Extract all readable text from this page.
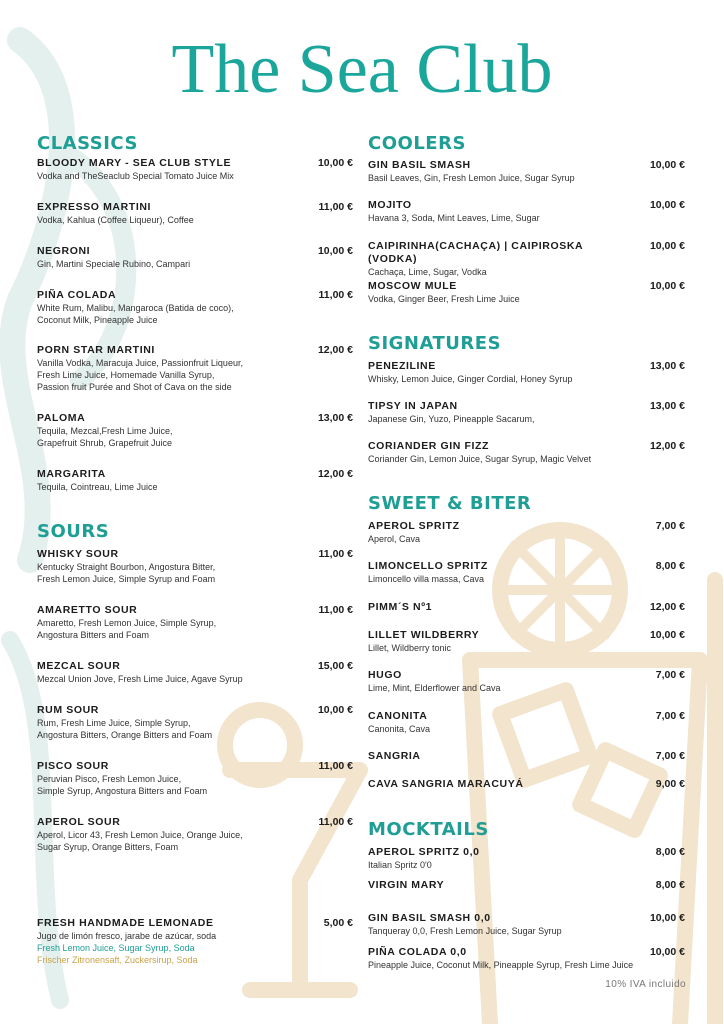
The Sea Club
CLASSICS
BLOODY MARY - SEA CLUB STYLE
Vodka and TheSeaclub Special Tomato Juice Mix
10,00 €
EXPRESSO MARTINI
Vodka, Kahlua (Coffee Liqueur), Coffee
11,00 €
NEGRONI
Gin, Martini Speciale Rubino, Campari
10,00 €
PIÑA COLADA
White Rum, Malibu, Mangaroca (Batida de coco),
Coconut Milk, Pineapple Juice
11,00 €
PORN STAR MARTINI
Vanilla Vodka, Maracuja Juice, Passionfruit Liqueur,
Fresh Lime Juice, Homemade Vanilla Syrup,
Passion fruit Purée and Shot of Cava on the side
12,00 €
PALOMA
Tequila, Mezcal,Fresh Lime Juice,
Grapefruit Shrub, Grapefruit Juice
13,00 €
MARGARITA
Tequila, Cointreau, Lime Juice
12,00 €
SOURS
WHISKY SOUR
Kentucky Straight Bourbon, Angostura Bitter,
Fresh Lemon Juice, Simple Syrup and Foam
11,00 €
AMARETTO SOUR
Amaretto, Fresh Lemon Juice, Simple Syrup,
Angostura Bitters and Foam
11,00 €
MEZCAL SOUR
Mezcal Union Jove, Fresh Lime Juice, Agave Syrup
15,00 €
RUM SOUR
Rum, Fresh Lime Juice, Simple Syrup,
Angostura Bitters, Orange Bitters and Foam
10,00 €
PISCO SOUR
Peruvian Pisco, Fresh Lemon Juice,
Simple Syrup, Angostura Bitters and Foam
11,00 €
APEROL SOUR
Aperol, Licor 43, Fresh Lemon Juice, Orange Juice,
Sugar Syrup, Orange Bitters, Foam
11,00 €
FRESH HANDMADE LEMONADE
Jugo de limón fresco, jarabe de azúcar, soda
Fresh Lemon Juice, Sugar Syrup, Soda
Frischer Zitronensaft, Zuckersirup, Soda
5,00 €
COOLERS
GIN BASIL SMASH
Basil Leaves, Gin, Fresh Lemon Juice, Sugar Syrup
10,00 €
MOJITO
Havana 3, Soda, Mint Leaves, Lime, Sugar
10,00 €
CAIPIRINHA(CACHAÇA) | CAIPIROSKA (VODKA)
Cachaça, Lime, Sugar, Vodka
10,00 €
MOSCOW MULE
Vodka, Ginger Beer, Fresh Lime Juice
10,00 €
SIGNATURES
PENEZILINE
Whisky, Lemon Juice, Ginger Cordial, Honey Syrup
13,00 €
TIPSY IN JAPAN
Japanese Gin, Yuzo, Pineapple Sacarum,
13,00 €
CORIANDER GIN FIZZ
Coriander Gin, Lemon Juice, Sugar Syrup, Magic Velvet
12,00 €
SWEET & BITER
APEROL SPRITZ
Aperol, Cava
7,00 €
LIMONCELLO SPRITZ
Limoncello villa massa, Cava
8,00 €
PIMM´S Nº1	12,00 €
LILLET WILDBERRY
Lillet, Wildberry tonic
10,00 €
HUGO
Lime, Mint, Elderflower and Cava
7,00 €
CANONITA
Canonita, Cava
7,00 €
SANGRIA	7,00 €
CAVA SANGRIA MARACUYÁ	9,00 €
MOCKTAILS
APEROL SPRITZ 0,0
Italian Spritz 0'0
8,00 €
VIRGIN MARY	8,00 €
GIN BASIL SMASH 0,0
Tanqueray 0,0, Fresh Lemon Juice, Sugar Syrup
10,00 €
PIÑA COLADA 0,0
Pineapple Juice, Coconut Milk, Pineapple Syrup, Fresh Lime Juice
10,00 €
10% IVA incluido
